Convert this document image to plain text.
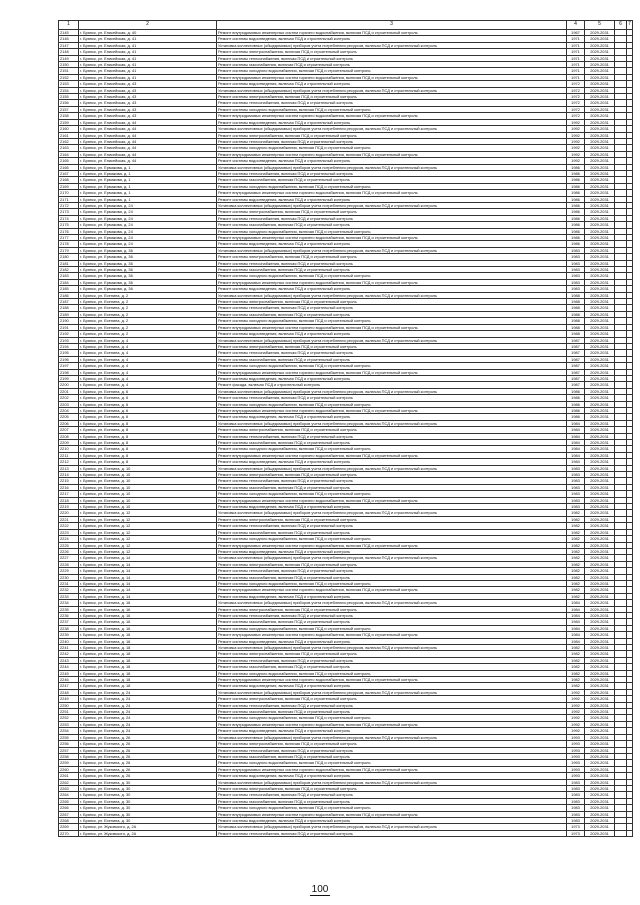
1	2	3	4	5	6	7
2145	г. Брянск, ул. Енисейская, д. 40	Ремонт внутридомовых инженерных систем горячего водоснабжения, включая ПСД и строительный контроль	1967	2029-2031		
2146	г. Брянск, ул. Енисейская, д. 41	Ремонт системы водоотведения, включая ПСД и строительный контроль	1971	2029-2031		
2147	г. Брянск, ул. Енисейская, д. 41	Установка коллективных (общедомовых) приборов учета потребления ресурсов, включая ПСД и строительный контроль	1971	2029-2031		
2148	г. Брянск, ул. Енисейская, д. 41	Ремонт системы электроснабжения, включая ПСД и строительный контроль	1971	2029-2031		
2149	г. Брянск, ул. Енисейская, д. 41	Ремонт системы теплоснабжения, включая ПСД и строительный контроль	1971	2029-2031		
2150	г. Брянск, ул. Енисейская, д. 41	Ремонт системы газоснабжения, включая ПСД и строительный контроль	1971	2029-2031		
2151	г. Брянск, ул. Енисейская, д. 41	Ремонт системы холодного водоснабжения, включая ПСД и строительный контроль	1971	2029-2031		
2152	г. Брянск, ул. Енисейская, д. 41	Ремонт внутридомовых инженерных систем горячего водоснабжения, включая ПСД и строительный контроль	1971	2029-2031		
2153	г. Брянск, ул. Енисейская, д. 43	Ремонт системы водоотведения, включая ПСД и строительный контроль	1972	2029-2031		
2154	г. Брянск, ул. Енисейская, д. 43	Установка коллективных (общедомовых) приборов учета потребления ресурсов, включая ПСД и строительный контроль	1972	2029-2031		
2155	г. Брянск, ул. Енисейская, д. 43	Ремонт системы электроснабжения, включая ПСД и строительный контроль	1972	2029-2031		
2156	г. Брянск, ул. Енисейская, д. 43	Ремонт системы теплоснабжения, включая ПСД и строительный контроль	1972	2029-2031		
2157	г. Брянск, ул. Енисейская, д. 43	Ремонт системы холодного водоснабжения, включая ПСД и строительный контроль	1972	2029-2031		
2158	г. Брянск, ул. Енисейская, д. 43	Ремонт внутридомовых инженерных систем горячего водоснабжения, включая ПСД и строительный контроль	1972	2029-2031		
2159	г. Брянск, ул. Енисейская, д. 44	Ремонт системы водоотведения, включая ПСД и строительный контроль	1992	2029-2031		
2160	г. Брянск, ул. Енисейская, д. 44	Установка коллективных (общедомовых) приборов учета потребления ресурсов, включая ПСД и строительный контроль	1992	2029-2031		
2161	г. Брянск, ул. Енисейская, д. 44	Ремонт системы электроснабжения, включая ПСД и строительный контроль	1992	2029-2031		
2162	г. Брянск, ул. Енисейская, д. 44	Ремонт системы теплоснабжения, включая ПСД и строительный контроль	1992	2029-2031		
2163	г. Брянск, ул. Енисейская, д. 44	Ремонт системы холодного водоснабжения, включая ПСД и строительный контроль	1992	2029-2031		
2164	г. Брянск, ул. Енисейская, д. 44	Ремонт внутридомовых инженерных систем горячего водоснабжения, включая ПСД и строительный контроль	1992	2029-2031		
2165	г. Брянск, ул. Енисейская, д. 44	Ремонт системы водоотведения, включая ПСД и строительный контроль	1992	2029-2031		
2166	г. Брянск, ул. Ермакова, д. 1	Установка коллективных (общедомовых) приборов учета потребления ресурсов, включая ПСД и строительный контроль	1986	2029-2031		
2167	г. Брянск, ул. Ермакова, д. 1	Ремонт системы теплоснабжения, включая ПСД и строительный контроль	1986	2029-2031		
2168	г. Брянск, ул. Ермакова, д. 1	Ремонт системы газоснабжения, включая ПСД и строительный контроль	1986	2029-2031		
2169	г. Брянск, ул. Ермакова, д. 1	Ремонт системы холодного водоснабжения, включая ПСД и строительный контроль	1986	2029-2031		
2170	г. Брянск, ул. Ермакова, д. 1	Ремонт внутридомовых инженерных систем горячего водоснабжения, включая ПСД и строительный контроль	1986	2029-2031		
2171	г. Брянск, ул. Ермакова, д. 1	Ремонт системы водоотведения, включая ПСД и строительный контроль	1986	2029-2031		
2172	г. Брянск, ул. Ермакова, д. 24	Установка коллективных (общедомовых) приборов учета потребления ресурсов, включая ПСД и строительный контроль	1986	2029-2031		
2173	г. Брянск, ул. Ермакова, д. 24	Ремонт системы электроснабжения, включая ПСД и строительный контроль	1986	2029-2031		
2174	г. Брянск, ул. Ермакова, д. 24	Ремонт системы теплоснабжения, включая ПСД и строительный контроль	1986	2029-2031		
2175	г. Брянск, ул. Ермакова, д. 24	Ремонт системы газоснабжения, включая ПСД и строительный контроль	1986	2029-2031		
2176	г. Брянск, ул. Ермакова, д. 24	Ремонт системы холодного водоснабжения, включая ПСД и строительный контроль	1986	2029-2031		
2177	г. Брянск, ул. Ермакова, д. 24	Ремонт внутридомовых инженерных систем горячего водоснабжения, включая ПСД и строительный контроль	1986	2029-2031		
2178	г. Брянск, ул. Ермакова, д. 24	Ремонт системы водоотведения, включая ПСД и строительный контроль	1986	2029-2031		
2179	г. Брянск, ул. Ермакова, д. 36	Установка коллективных (общедомовых) приборов учета потребления ресурсов, включая ПСД и строительный контроль	1983	2029-2031		
2180	г. Брянск, ул. Ермакова, д. 36	Ремонт системы электроснабжения, включая ПСД и строительный контроль	1983	2029-2031		
2181	г. Брянск, ул. Ермакова, д. 36	Ремонт системы теплоснабжения, включая ПСД и строительный контроль	1983	2029-2031		
2182	г. Брянск, ул. Ермакова, д. 36	Ремонт системы газоснабжения, включая ПСД и строительный контроль	1983	2029-2031		
2183	г. Брянск, ул. Ермакова, д. 36	Ремонт системы холодного водоснабжения, включая ПСД и строительный контроль	1983	2029-2031		
2184	г. Брянск, ул. Ермакова, д. 36	Ремонт внутридомовых инженерных систем горячего водоснабжения, включая ПСД и строительный контроль	1983	2029-2031		
2185	г. Брянск, ул. Ермакова, д. 36	Ремонт системы водоотведения, включая ПСД и строительный контроль	1983	2029-2031		
2186	г. Брянск, ул. Есенина, д. 2	Установка коллективных (общедомовых) приборов учета потребления ресурсов, включая ПСД и строительный контроль	1988	2029-2031		
2187	г. Брянск, ул. Есенина, д. 2	Ремонт системы электроснабжения, включая ПСД и строительный контроль	1988	2029-2031		
2188	г. Брянск, ул. Есенина, д. 2	Ремонт системы теплоснабжения, включая ПСД и строительный контроль	1988	2029-2031		
2189	г. Брянск, ул. Есенина, д. 2	Ремонт системы газоснабжения, включая ПСД и строительный контроль	1988	2029-2031		
2190	г. Брянск, ул. Есенина, д. 2	Ремонт системы холодного водоснабжения, включая ПСД и строительный контроль	1988	2029-2031		
2191	г. Брянск, ул. Есенина, д. 2	Ремонт внутридомовых инженерных систем горячего водоснабжения, включая ПСД и строительный контроль	1988	2029-2031		
2192	г. Брянск, ул. Есенина, д. 2	Ремонт системы водоотведения, включая ПСД и строительный контроль	1988	2029-2031		
2193	г. Брянск, ул. Есенина, д. 4	Установка коллективных (общедомовых) приборов учета потребления ресурсов, включая ПСД и строительный контроль	1987	2029-2031		
2194	г. Брянск, ул. Есенина, д. 4	Ремонт системы электроснабжения, включая ПСД и строительный контроль	1987	2029-2031		
2195	г. Брянск, ул. Есенина, д. 4	Ремонт системы теплоснабжения, включая ПСД и строительный контроль	1987	2029-2031		
2196	г. Брянск, ул. Есенина, д. 4	Ремонт системы газоснабжения, включая ПСД и строительный контроль	1987	2029-2031		
2197	г. Брянск, ул. Есенина, д. 4	Ремонт системы холодного водоснабжения, включая ПСД и строительный контроль	1987	2029-2031		
2198	г. Брянск, ул. Есенина, д. 4	Ремонт внутридомовых инженерных систем горячего водоснабжения, включая ПСД и строительный контроль	1987	2029-2031		
2199	г. Брянск, ул. Есенина, д. 4	Ремонт системы водоотведения, включая ПСД и строительный контроль	1987	2029-2031		
2200	г. Брянск, ул. Есенина, д. 4	Ремонт фасада, включая ПСД и строительный контроль	1987	2029-2031		
2201	г. Брянск, ул. Есенина, д. 6	Установка коллективных (общедомовых) приборов учета потребления ресурсов, включая ПСД и строительный контроль	1986	2029-2031		
2202	г. Брянск, ул. Есенина, д. 6	Ремонт системы теплоснабжения, включая ПСД и строительный контроль	1986	2029-2031		
2203	г. Брянск, ул. Есенина, д. 6	Ремонт системы холодного водоснабжения, включая ПСД и строительный контроль	1986	2029-2031		
2204	г. Брянск, ул. Есенина, д. 6	Ремонт внутридомовых инженерных систем горячего водоснабжения, включая ПСД и строительный контроль	1986	2029-2031		
2205	г. Брянск, ул. Есенина, д. 6	Ремонт системы водоотведения, включая ПСД и строительный контроль	1986	2029-2031		
2206	г. Брянск, ул. Есенина, д. 8	Установка коллективных (общедомовых) приборов учета потребления ресурсов, включая ПСД и строительный контроль	1984	2029-2031		
2207	г. Брянск, ул. Есенина, д. 8	Ремонт системы электроснабжения, включая ПСД и строительный контроль	1984	2029-2031		
2208	г. Брянск, ул. Есенина, д. 8	Ремонт системы теплоснабжения, включая ПСД и строительный контроль	1984	2029-2031		
2209	г. Брянск, ул. Есенина, д. 8	Ремонт системы газоснабжения, включая ПСД и строительный контроль	1984	2029-2031		
2210	г. Брянск, ул. Есенина, д. 8	Ремонт системы холодного водоснабжения, включая ПСД и строительный контроль	1984	2029-2031		
2211	г. Брянск, ул. Есенина, д. 8	Ремонт внутридомовых инженерных систем горячего водоснабжения, включая ПСД и строительный контроль	1984	2029-2031		
2212	г. Брянск, ул. Есенина, д. 8	Ремонт системы водоотведения, включая ПСД и строительный контроль	1984	2029-2031		
2213	г. Брянск, ул. Есенина, д. 10	Установка коллективных (общедомовых) приборов учета потребления ресурсов, включая ПСД и строительный контроль	1983	2029-2031		
2214	г. Брянск, ул. Есенина, д. 10	Ремонт системы электроснабжения, включая ПСД и строительный контроль	1983	2029-2031		
2215	г. Брянск, ул. Есенина, д. 10	Ремонт системы теплоснабжения, включая ПСД и строительный контроль	1983	2029-2031		
2216	г. Брянск, ул. Есенина, д. 10	Ремонт системы газоснабжения, включая ПСД и строительный контроль	1983	2029-2031		
2217	г. Брянск, ул. Есенина, д. 10	Ремонт системы холодного водоснабжения, включая ПСД и строительный контроль	1983	2029-2031		
2218	г. Брянск, ул. Есенина, д. 10	Ремонт внутридомовых инженерных систем горячего водоснабжения, включая ПСД и строительный контроль	1983	2029-2031		
2219	г. Брянск, ул. Есенина, д. 10	Ремонт системы водоотведения, включая ПСД и строительный контроль	1983	2029-2031		
2220	г. Брянск, ул. Есенина, д. 12	Установка коллективных (общедомовых) приборов учета потребления ресурсов, включая ПСД и строительный контроль	1982	2029-2031		
2221	г. Брянск, ул. Есенина, д. 12	Ремонт системы электроснабжения, включая ПСД и строительный контроль	1982	2029-2031		
2222	г. Брянск, ул. Есенина, д. 12	Ремонт системы теплоснабжения, включая ПСД и строительный контроль	1982	2029-2031		
2223	г. Брянск, ул. Есенина, д. 12	Ремонт системы газоснабжения, включая ПСД и строительный контроль	1982	2029-2031		
2224	г. Брянск, ул. Есенина, д. 12	Ремонт системы холодного водоснабжения, включая ПСД и строительный контроль	1982	2029-2031		
2225	г. Брянск, ул. Есенина, д. 12	Ремонт внутридомовых инженерных систем горячего водоснабжения, включая ПСД и строительный контроль	1982	2029-2031		
2226	г. Брянск, ул. Есенина, д. 12	Ремонт системы водоотведения, включая ПСД и строительный контроль	1982	2029-2031		
2227	г. Брянск, ул. Есенина, д. 14	Установка коллективных (общедомовых) приборов учета потребления ресурсов, включая ПСД и строительный контроль	1982	2029-2031		
2228	г. Брянск, ул. Есенина, д. 14	Ремонт системы электроснабжения, включая ПСД и строительный контроль	1982	2029-2031		
2229	г. Брянск, ул. Есенина, д. 14	Ремонт системы теплоснабжения, включая ПСД и строительный контроль	1982	2029-2031		
2230	г. Брянск, ул. Есенина, д. 14	Ремонт системы газоснабжения, включая ПСД и строительный контроль	1982	2029-2031		
2231	г. Брянск, ул. Есенина, д. 14	Ремонт системы холодного водоснабжения, включая ПСД и строительный контроль	1982	2029-2031		
2232	г. Брянск, ул. Есенина, д. 14	Ремонт внутридомовых инженерных систем горячего водоснабжения, включая ПСД и строительный контроль	1982	2029-2031		
2233	г. Брянск, ул. Есенина, д. 14	Ремонт системы водоотведения, включая ПСД и строительный контроль	1982	2029-2031		
2234	г. Брянск, ул. Есенина, д. 16	Установка коллективных (общедомовых) приборов учета потребления ресурсов, включая ПСД и строительный контроль	1984	2029-2031		
2235	г. Брянск, ул. Есенина, д. 16	Ремонт системы электроснабжения, включая ПСД и строительный контроль	1984	2029-2031		
2236	г. Брянск, ул. Есенина, д. 16	Ремонт системы теплоснабжения, включая ПСД и строительный контроль	1984	2029-2031		
2237	г. Брянск, ул. Есенина, д. 16	Ремонт системы газоснабжения, включая ПСД и строительный контроль	1984	2029-2031		
2238	г. Брянск, ул. Есенина, д. 16	Ремонт системы холодного водоснабжения, включая ПСД и строительный контроль	1984	2029-2031		
2239	г. Брянск, ул. Есенина, д. 16	Ремонт внутридомовых инженерных систем горячего водоснабжения, включая ПСД и строительный контроль	1984	2029-2031		
2240	г. Брянск, ул. Есенина, д. 16	Ремонт системы водоотведения, включая ПСД и строительный контроль	1984	2029-2031		
2241	г. Брянск, ул. Есенина, д. 18	Установка коллективных (общедомовых) приборов учета потребления ресурсов, включая ПСД и строительный контроль	1982	2029-2031		
2242	г. Брянск, ул. Есенина, д. 18	Ремонт системы электроснабжения, включая ПСД и строительный контроль	1982	2029-2031		
2243	г. Брянск, ул. Есенина, д. 18	Ремонт системы теплоснабжения, включая ПСД и строительный контроль	1982	2029-2031		
2244	г. Брянск, ул. Есенина, д. 18	Ремонт системы газоснабжения, включая ПСД и строительный контроль	1982	2029-2031		
2245	г. Брянск, ул. Есенина, д. 18	Ремонт системы холодного водоснабжения, включая ПСД и строительный контроль	1982	2029-2031		
2246	г. Брянск, ул. Есенина, д. 18	Ремонт внутридомовых инженерных систем горячего водоснабжения, включая ПСД и строительный контроль	1982	2029-2031		
2247	г. Брянск, ул. Есенина, д. 18	Ремонт системы водоотведения, включая ПСД и строительный контроль	1982	2029-2031		
2248	г. Брянск, ул. Есенина, д. 24	Установка коллективных (общедомовых) приборов учета потребления ресурсов, включая ПСД и строительный контроль	1992	2029-2031		
2249	г. Брянск, ул. Есенина, д. 24	Ремонт системы электроснабжения, включая ПСД и строительный контроль	1992	2029-2031		
2250	г. Брянск, ул. Есенина, д. 24	Ремонт системы теплоснабжения, включая ПСД и строительный контроль	1992	2029-2031		
2251	г. Брянск, ул. Есенина, д. 24	Ремонт системы газоснабжения, включая ПСД и строительный контроль	1992	2029-2031		
2252	г. Брянск, ул. Есенина, д. 24	Ремонт системы холодного водоснабжения, включая ПСД и строительный контроль	1992	2029-2031		
2253	г. Брянск, ул. Есенина, д. 24	Ремонт внутридомовых инженерных систем горячего водоснабжения, включая ПСД и строительный контроль	1992	2029-2031		
2254	г. Брянск, ул. Есенина, д. 24	Ремонт системы водоотведения, включая ПСД и строительный контроль	1992	2029-2031		
2255	г. Брянск, ул. Есенина, д. 26	Установка коллективных (общедомовых) приборов учета потребления ресурсов, включая ПСД и строительный контроль	1993	2029-2031		
2256	г. Брянск, ул. Есенина, д. 26	Ремонт системы электроснабжения, включая ПСД и строительный контроль	1993	2029-2031		
2257	г. Брянск, ул. Есенина, д. 26	Ремонт системы теплоснабжения, включая ПСД и строительный контроль	1993	2029-2031		
2258	г. Брянск, ул. Есенина, д. 26	Ремонт системы газоснабжения, включая ПСД и строительный контроль	1993	2029-2031		
2259	г. Брянск, ул. Есенина, д. 26	Ремонт системы холодного водоснабжения, включая ПСД и строительный контроль	1993	2029-2031		
2260	г. Брянск, ул. Есенина, д. 26	Ремонт внутридомовых инженерных систем горячего водоснабжения, включая ПСД и строительный контроль	1993	2029-2031		
2261	г. Брянск, ул. Есенина, д. 26	Ремонт системы водоотведения, включая ПСД и строительный контроль	1993	2029-2031		
2262	г. Брянск, ул. Есенина, д. 30	Установка коллективных (общедомовых) приборов учета потребления ресурсов, включая ПСД и строительный контроль	1983	2029-2031		
2263	г. Брянск, ул. Есенина, д. 30	Ремонт системы электроснабжения, включая ПСД и строительный контроль	1983	2029-2031		
2264	г. Брянск, ул. Есенина, д. 30	Ремонт системы теплоснабжения, включая ПСД и строительный контроль	1983	2029-2031		
2265	г. Брянск, ул. Есенина, д. 30	Ремонт системы газоснабжения, включая ПСД и строительный контроль	1983	2029-2031		
2266	г. Брянск, ул. Есенина, д. 30	Ремонт системы холодного водоснабжения, включая ПСД и строительный контроль	1983	2029-2031		
2267	г. Брянск, ул. Есенина, д. 30	Ремонт внутридомовых инженерных систем горячего водоснабжения, включая ПСД и строительный контроль	1983	2029-2031		
2268	г. Брянск, ул. Есенина, д. 30	Ремонт системы водоотведения, включая ПСД и строительный контроль	1983	2029-2031		
2269	г. Брянск, ул. Жуковского, д. 2А	Установка коллективных (общедомовых) приборов учета потребления ресурсов, включая ПСД и строительный контроль	1973	2029-2031		
2270	г. Брянск, ул. Жуковского, д. 2А	Ремонт системы теплоснабжения, включая ПСД и строительный контроль	1973	2029-2031		
100
